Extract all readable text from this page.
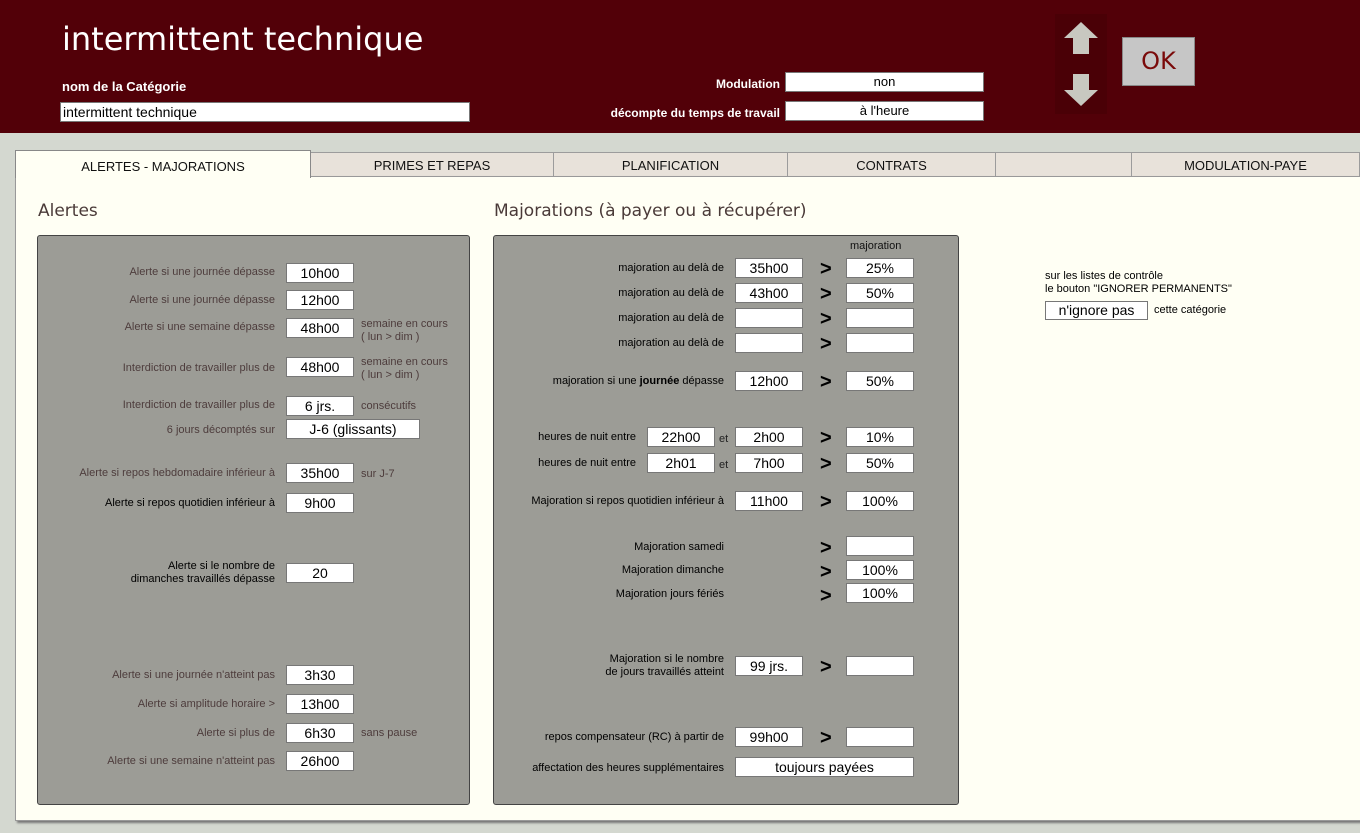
intermittent technique
nom de la Catégorie
intermittent technique
Modulation	non
décompte du temps de travail	à l'heure
OK
ALERTES - MAJORATIONS	PRIMES ET REPAS	PLANIFICATION	CONTRATS	MODULATION-PAYE
Alertes	Majorations (à payer ou à récupérer)
Alerte si une journée dépasse	10h00
Alerte si une journée dépasse	12h00
Alerte si une semaine dépasse	48h00	semaine en cours
( lun > dim )
Interdiction de travailler plus de	48h00	semaine en cours
( lun > dim )
Interdiction de travailler plus de	6 jrs.	consécutifs
6 jours décomptés sur	J-6 (glissants)
Alerte si repos hebdomadaire inférieur à	35h00	sur J-7
Alerte si repos quotidien inférieur à	9h00
Alerte si le nombre de
dimanches travaillés dépasse	20
Alerte si une journée n'atteint pas	3h30
Alerte si amplitude horaire >	13h00
Alerte si plus de	6h30	sans pause
Alerte si une semaine n'atteint pas	26h00
majoration
majoration au delà de	35h00	>	25%
majoration au delà de	43h00	>	50%
majoration au delà de	>
majoration au delà de	>
majoration si une journée dépasse	12h00	>	50%
heures de nuit entre	22h00	et	2h00	>	10%
heures de nuit entre	2h01	et	7h00	>	50%
Majoration si repos quotidien inférieur à	11h00	>	100%
Majoration samedi	>
Majoration dimanche	>	100%
Majoration jours fériés	>	100%
Majoration si le nombre
de jours travaillés atteint	99 jrs.	>
repos compensateur (RC) à partir de	99h00	>
affectation des heures supplémentaires	toujours payées
sur les listes de contrôle
le bouton "IGNORER PERMANENTS"
n'ignore pas	cette catégorie
